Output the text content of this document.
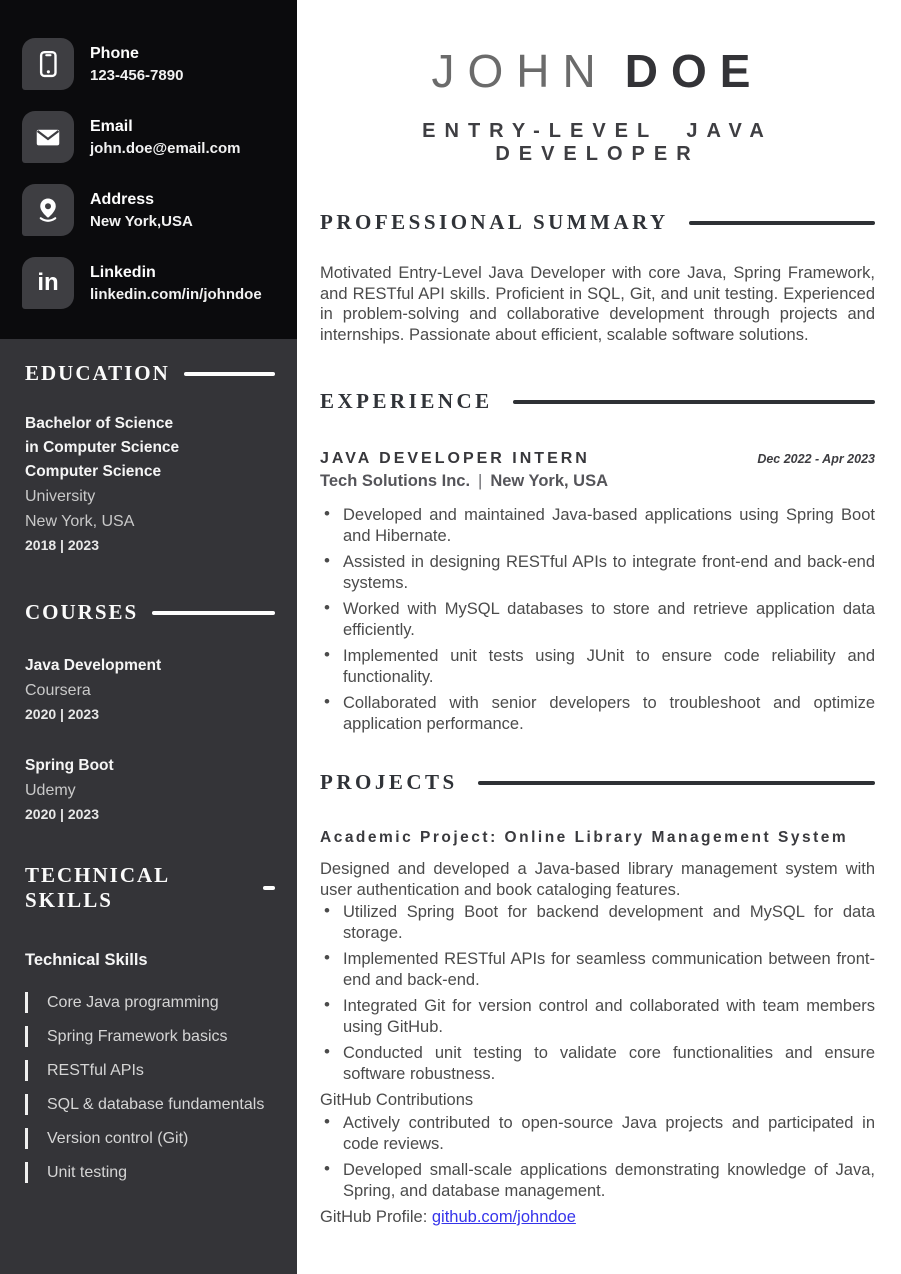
Phone
123-456-7890
Email
john.doe@email.com
Address
New York,USA
in Linkedin
linkedin.com/in/johndoe
EDUCATION
Bachelor of Science
in Computer Science
Computer Science
University
New York, USA
2018 | 2023
COURSES
Java Development
Coursera
2020 | 2023
Spring Boot
Udemy
2020 | 2023
TECHNICAL SKILLS
Technical Skills
Core Java programming
Spring Framework basics
RESTful APIs
SQL & database fundamentals
Version control (Git)
Unit testing
JOHN DOE
ENTRY-LEVEL JAVA DEVELOPER
PROFESSIONAL SUMMARY

Motivated Entry-Level Java Developer with core Java, Spring Framework, and RESTful API skills. Proficient in SQL, Git, and unit testing. Experienced in problem-solving and collaborative development through projects and internships. Passionate about efficient, scalable software solutions.

EXPERIENCE
JAVA DEVELOPER INTERN	Dec 2022 - Apr 2023
Tech Solutions Inc. | New York, USA
• Developed and maintained Java-based applications using Spring Boot and Hibernate.
• Assisted in designing RESTful APIs to integrate front-end and back-end systems.
• Worked with MySQL databases to store and retrieve application data efficiently.
• Implemented unit tests using JUnit to ensure code reliability and functionality.
• Collaborated with senior developers to troubleshoot and optimize application performance.
PROJECTS
Academic Project: Online Library Management System

Designed and developed a Java-based library management system with user authentication and book cataloging features.

• Utilized Spring Boot for backend development and MySQL for data storage.
• Implemented RESTful APIs for seamless communication between front-end and back-end.
• Integrated Git for version control and collaborated with team members using GitHub.
• Conducted unit testing to validate core functionalities and ensure software robustness.
GitHub Contributions
• Actively contributed to open-source Java projects and participated in code reviews.
• Developed small-scale applications demonstrating knowledge of Java, Spring, and database management.
GitHub Profile: github.com/johndoe
